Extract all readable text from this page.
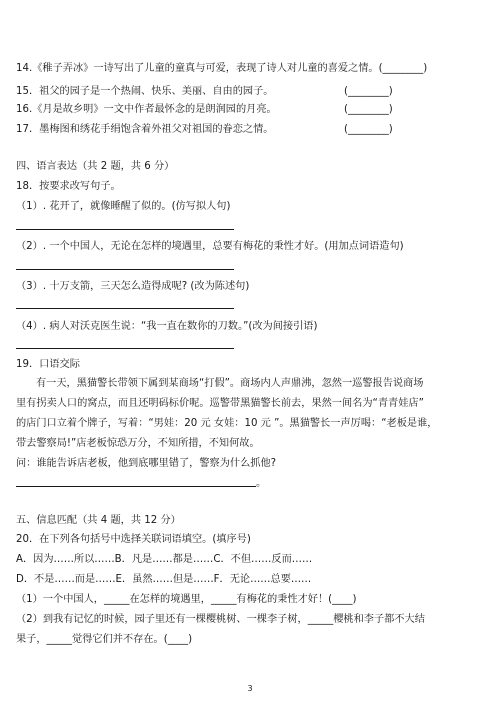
14.《稚子弄冰》一诗写出了儿童的童真与可爱，表现了诗人对儿童的喜爱之情。(________)
15．祖父的园子是一个热闹、快乐、美丽、自由的园子。	(________)
16.《月是故乡明》一文中作者最怀念的是朗润园的月亮。	(________)
17．墨梅图和绣花手绢饱含着外祖父对祖国的眷恋之情。	(________)
四、语言表达（共 2 题，共 6 分）
18．按要求改写句子。
（1）. 花开了，就像睡醒了似的。(仿写拟人句)
（2）. 一个中国人，无论在怎样的境遇里，总要有梅花的秉性才好。(用加点词语造句)
（3）. 十万支箭，三天怎么造得成呢? (改为陈述句)
（4）. 病人对沃克医生说：“我一直在数你的刀数。”(改为间接引语)
19．口语交际
有一天，黑猫警长带领下属到某商场“打假”。商场内人声鼎沸，忽然一巡警报告说商场
里有拐卖人口的窝点，而且还明码标价呢。巡警带黑猫警长前去，果然一间名为“青青娃店”
的店门口立着个牌子，写着：“男娃：20 元 女娃：10 元 ”。黑猫警长一声厉喝：“老板是谁，
带去警察局!”店老板惊恐万分，不知所措，不知何故。
问：谁能告诉店老板，他到底哪里错了，警察为什么抓他?
。
五、信息匹配（共 4 题，共 12 分）
20．在下列各句括号中选择关联词语填空。(填序号)
A．因为……所以……B．凡是……都是……C．不但……反而……
D．不是……而是……E．虽然……但是……F．无论……总要……
（1）一个中国人，_____在怎样的境遇里，_____有梅花的秉性才好！(____)
（2）到我有记忆的时候，园子里还有一棵樱桃树、一棵李子树，_____樱桃和李子都不大结
果子，_____觉得它们并不存在。(____)
3
